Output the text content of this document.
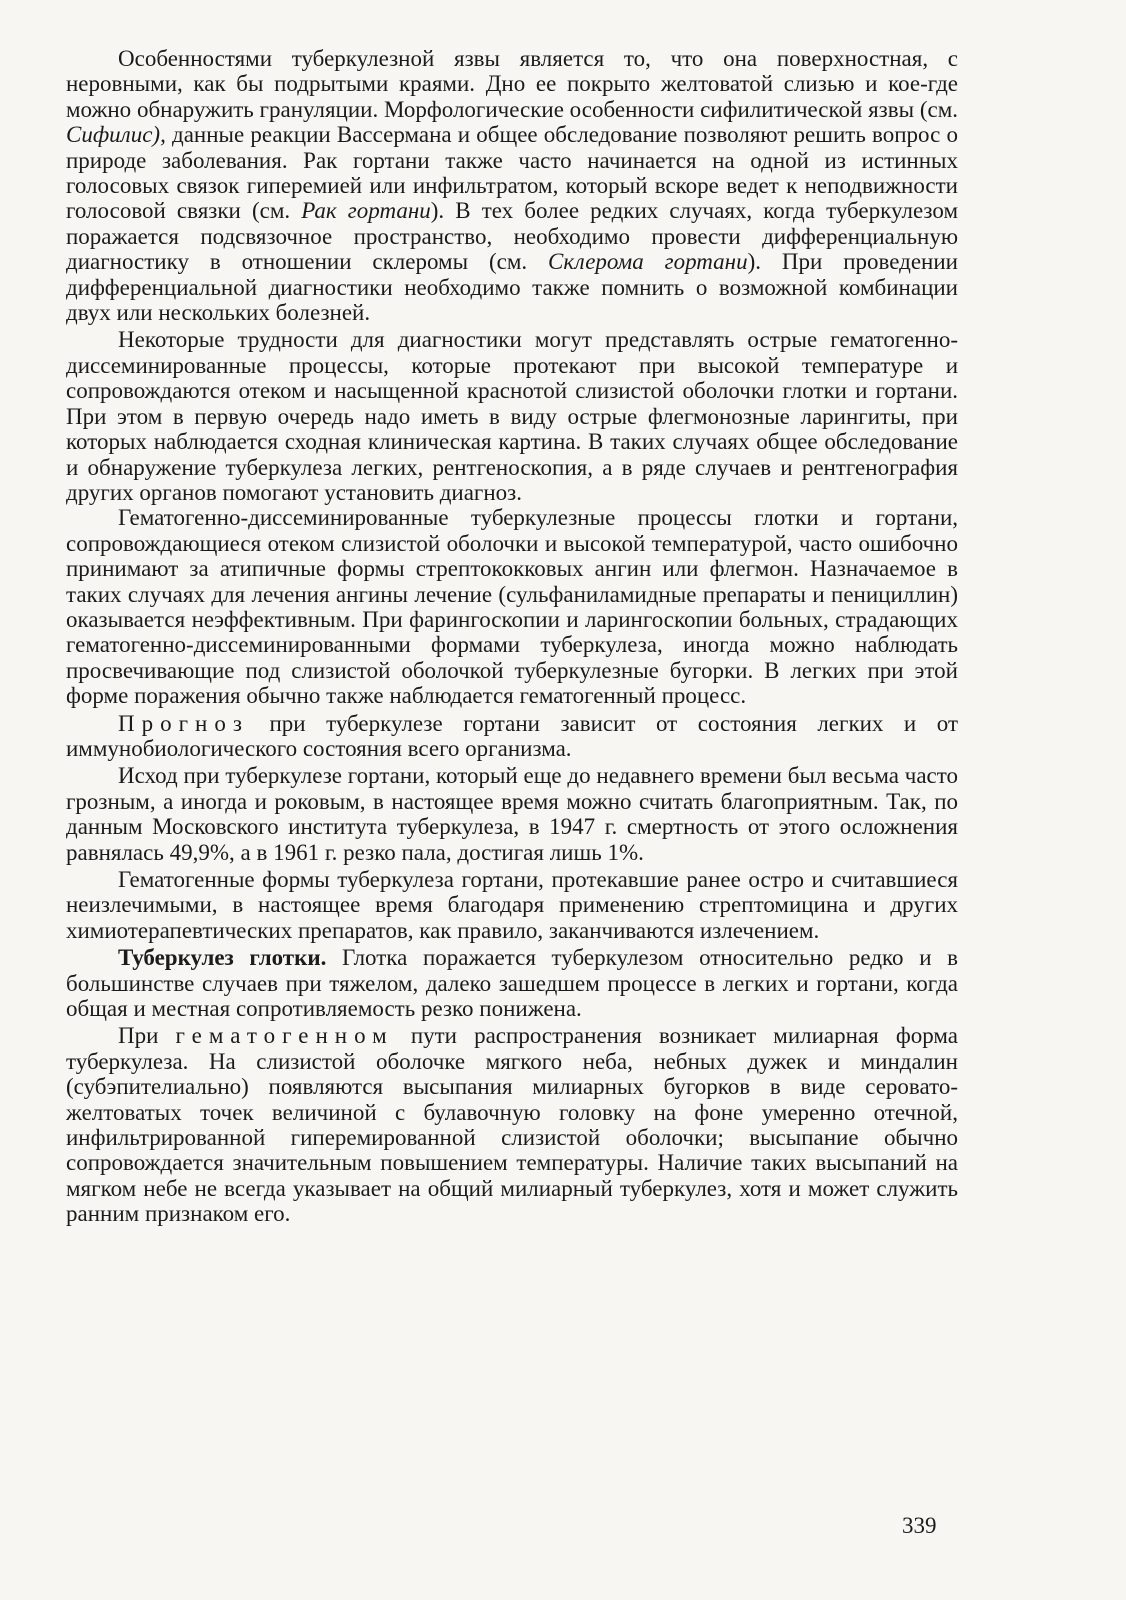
Особенностями туберкулезной язвы является то, что она поверхностная, с неровными, как бы подрытыми краями. Дно ее покрыто желтоватой слизью и кое-где можно обнаружить грануляции. Морфологические особенности сифилитической язвы (см. Сифилис), данные реакции Вассермана и общее обследование позволяют решить вопрос о природе заболевания. Рак гортани также часто начинается на одной из истинных голосовых связок гиперемией или инфильтратом, который вскоре ведет к неподвижности голосовой связки (см. Рак гортани). В тех более редких случаях, когда туберкулезом поражается подсвязочное пространство, необходимо провести дифференциальную диагностику в отношении склеромы (см. Склерома гортани). При проведении дифференциальной диагностики необходимо также помнить о возможной комбинации двух или нескольких болезней.

Некоторые трудности для диагностики могут представлять острые гематогенно-диссеминированные процессы, которые протекают при высокой температуре и сопровождаются отеком и насыщенной краснотой слизистой оболочки глотки и гортани. При этом в первую очередь надо иметь в виду острые флегмонозные ларингиты, при которых наблюдается сходная клиническая картина. В таких случаях общее обследование и обнаружение туберкулеза легких, рентгеноскопия, а в ряде случаев и рентгенография других органов помогают установить диагноз.

Гематогенно-диссеминированные туберкулезные процессы глотки и гортани, сопровождающиеся отеком слизистой оболочки и высокой температурой, часто ошибочно принимают за атипичные формы стрептококковых ангин или флегмон. Назначаемое в таких случаях для лечения ангины лечение (сульфаниламидные препараты и пенициллин) оказывается неэффективным. При фарингоскопии и ларингоскопии больных, страдающих гематогенно-диссеминированными формами туберкулеза, иногда можно наблюдать просвечивающие под слизистой оболочкой туберкулезные бугорки. В легких при этой форме поражения обычно также наблюдается гематогенный процесс.

Прогноз при туберкулезе гортани зависит от состояния легких и от иммунобиологического состояния всего организма.

Исход при туберкулезе гортани, который еще до недавнего времени был весьма часто грозным, а иногда и роковым, в настоящее время можно считать благоприятным. Так, по данным Московского института туберкулеза, в 1947 г. смертность от этого осложнения равнялась 49,9%, а в 1961 г. резко пала, достигая лишь 1%.

Гематогенные формы туберкулеза гортани, протекавшие ранее остро и считавшиеся неизлечимыми, в настоящее время благодаря применению стрептомицина и других химиотерапевтических препаратов, как правило, заканчиваются излечением.

Туберкулез глотки. Глотка поражается туберкулезом относительно редко и в большинстве случаев при тяжелом, далеко зашедшем процессе в легких и гортани, когда общая и местная сопротивляемость резко понижена.

При гематогенном пути распространения возникает милиарная форма туберкулеза. На слизистой оболочке мягкого неба, небных дужек и миндалин (субэпителиально) появляются высыпания милиарных бугорков в виде серовато-желтоватых точек величиной с булавочную головку на фоне умеренно отечной, инфильтрированной гиперемированной слизистой оболочки; высыпание обычно сопровождается значительным повышением температуры. Наличие таких высыпаний на мягком небе не всегда указывает на общий милиарный туберкулез, хотя и может служить ранним признаком его.

339
